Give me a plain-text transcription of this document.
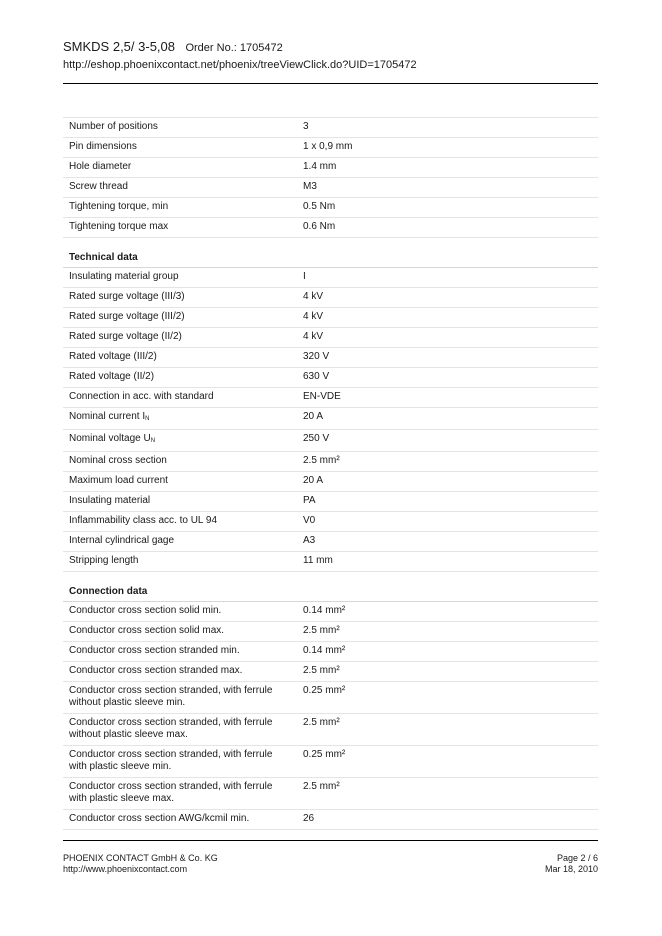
SMKDS 2,5/ 3-5,08 Order No.: 1705472
http://eshop.phoenixcontact.net/phoenix/treeViewClick.do?UID=1705472
Number of positions	3
Pin dimensions	1 x 0,9 mm
Hole diameter	1.4 mm
Screw thread	M3
Tightening torque, min	0.5 Nm
Tightening torque max	0.6 Nm
Technical data	
Insulating material group	I
Rated surge voltage (III/3)	4 kV
Rated surge voltage (III/2)	4 kV
Rated surge voltage (II/2)	4 kV
Rated voltage (III/2)	320 V
Rated voltage (II/2)	630 V
Connection in acc. with standard	EN-VDE
Nominal current $I_N$	20 A
Nominal voltage $U_N$	250 V
Nominal cross section	2.5 mm²
Maximum load current	20 A
Insulating material	PA
Inflammability class acc. to UL 94	V0
Internal cylindrical gage	A3
Stripping length	11 mm
Connection data	
Conductor cross section solid min.	0.14 mm²
Conductor cross section solid max.	2.5 mm²
Conductor cross section stranded min.	0.14 mm²
Conductor cross section stranded max.	2.5 mm²
Conductor cross section stranded, with ferrule without plastic sleeve min.	0.25 mm²
Conductor cross section stranded, with ferrule without plastic sleeve max.	2.5 mm²
Conductor cross section stranded, with ferrule with plastic sleeve min.	0.25 mm²
Conductor cross section stranded, with ferrule with plastic sleeve max.	2.5 mm²
Conductor cross section AWG/kcmil min.	26
PHOENIX CONTACT GmbH & Co. KG
http://www.phoenixcontact.com
Page 2 / 6
Mar 18, 2010
